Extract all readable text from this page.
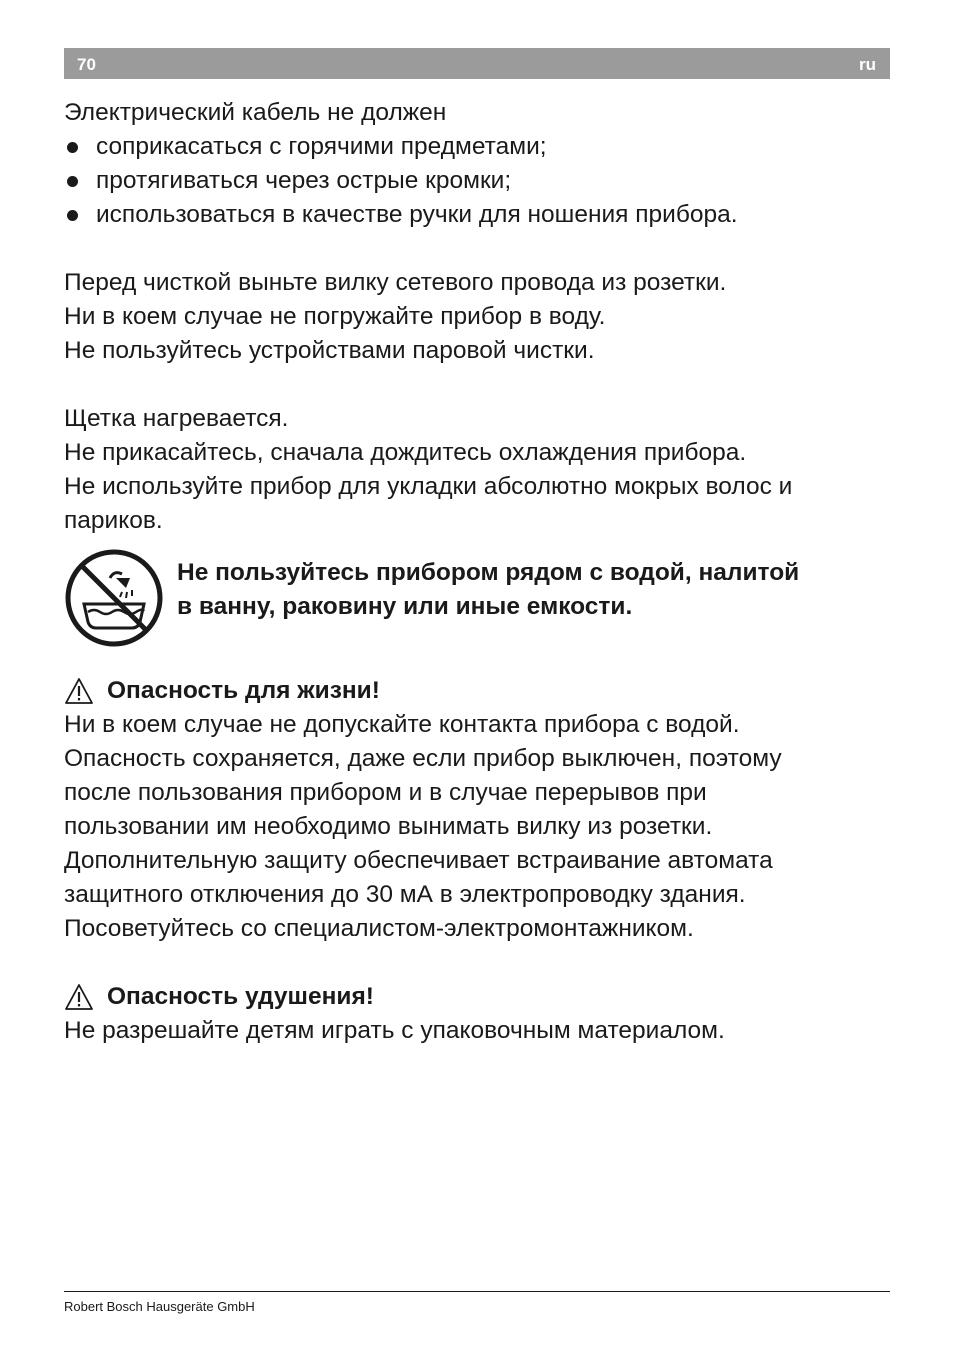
70	ru

Электрический кабель не должен

соприкасаться с горячими предметами;
протягиваться через острые кромки;
использоваться в качестве ручки для ношения прибора.

Перед чисткой выньте вилку сетевого провода из розетки.

Ни в коем случае не погружайте прибор в воду.

Не пользуйтесь устройствами паровой чистки.

Щетка нагревается.

Не прикасайтесь, сначала дождитесь охлаждения прибора.

Не используйте прибор для укладки абсолютно мокрых волос и

париков.

Не пользуйтесь прибором рядом с водой, налитой

в ванну, раковину или иные емкости.

Опасность для жизни!

Ни в коем случае не допускайте контакта прибора с водой.

Опасность сохраняется, даже если прибор выключен, поэтому

после пользования прибором и в случае перерывов при

пользовании им необходимо вынимать вилку из розетки.

Дополнительную защиту обеспечивает встраивание автомата

защитного отключения до 30 мА в электропроводку здания.

Посоветуйтесь со специалистом-электромонтажником.

Опасность удушения!

Не разрешайте детям играть с упаковочным материалом.

Robert Bosch Hausgeräte GmbH
